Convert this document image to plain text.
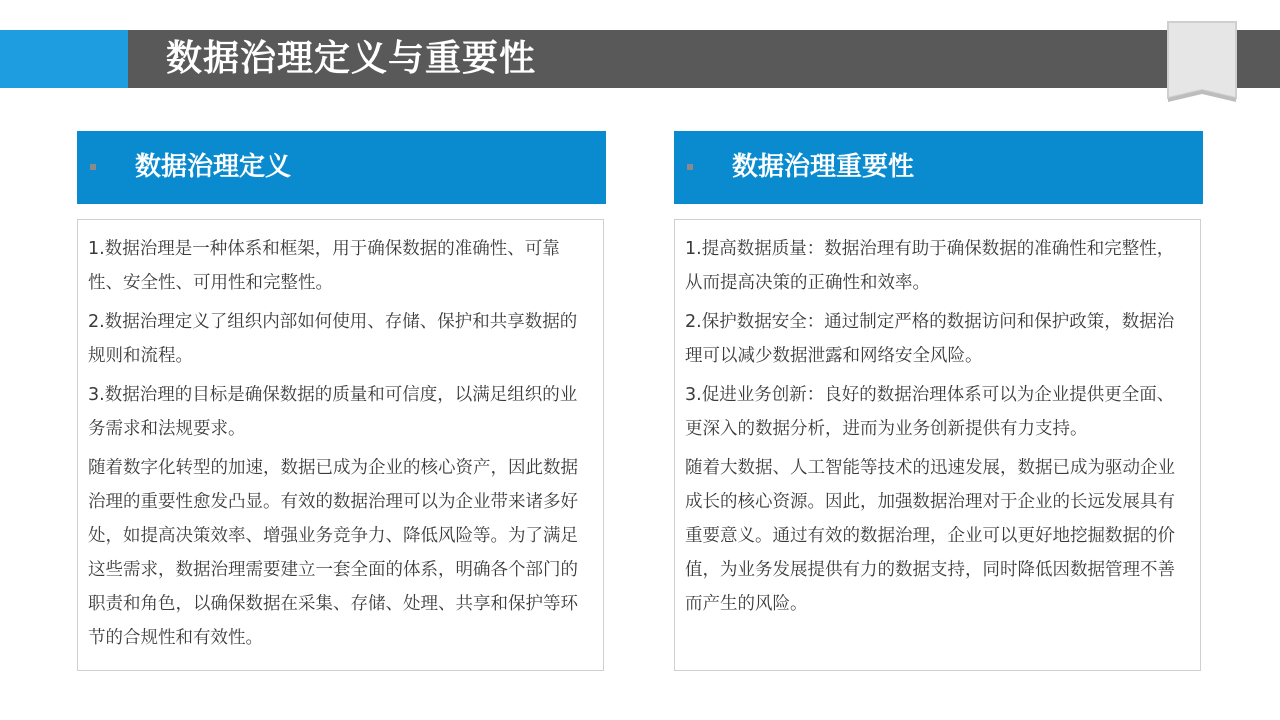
数据治理定义与重要性
数据治理定义

1.数据治理是一种体系和框架，用于确保数据的准确性、可靠性、安全性、可用性和完整性。

2.数据治理定义了组织内部如何使用、存储、保护和共享数据的规则和流程。

3.数据治理的目标是确保数据的质量和可信度，以满足组织的业务需求和法规要求。

随着数字化转型的加速，数据已成为企业的核心资产，因此数据治理的重要性愈发凸显。有效的数据治理可以为企业带来诸多好处，如提高决策效率、增强业务竞争力、降低风险等。为了满足这些需求，数据治理需要建立一套全面的体系，明确各个部门的职责和角色，以确保数据在采集、存储、处理、共享和保护等环节的合规性和有效性。

数据治理重要性

1.提高数据质量：数据治理有助于确保数据的准确性和完整性，从而提高决策的正确性和效率。

2.保护数据安全：通过制定严格的数据访问和保护政策，数据治理可以减少数据泄露和网络安全风险。

3.促进业务创新：良好的数据治理体系可以为企业提供更全面、更深入的数据分析，进而为业务创新提供有力支持。

随着大数据、人工智能等技术的迅速发展，数据已成为驱动企业成长的核心资源。因此，加强数据治理对于企业的长远发展具有重要意义。通过有效的数据治理，企业可以更好地挖掘数据的价值，为业务发展提供有力的数据支持，同时降低因数据管理不善而产生的风险。
